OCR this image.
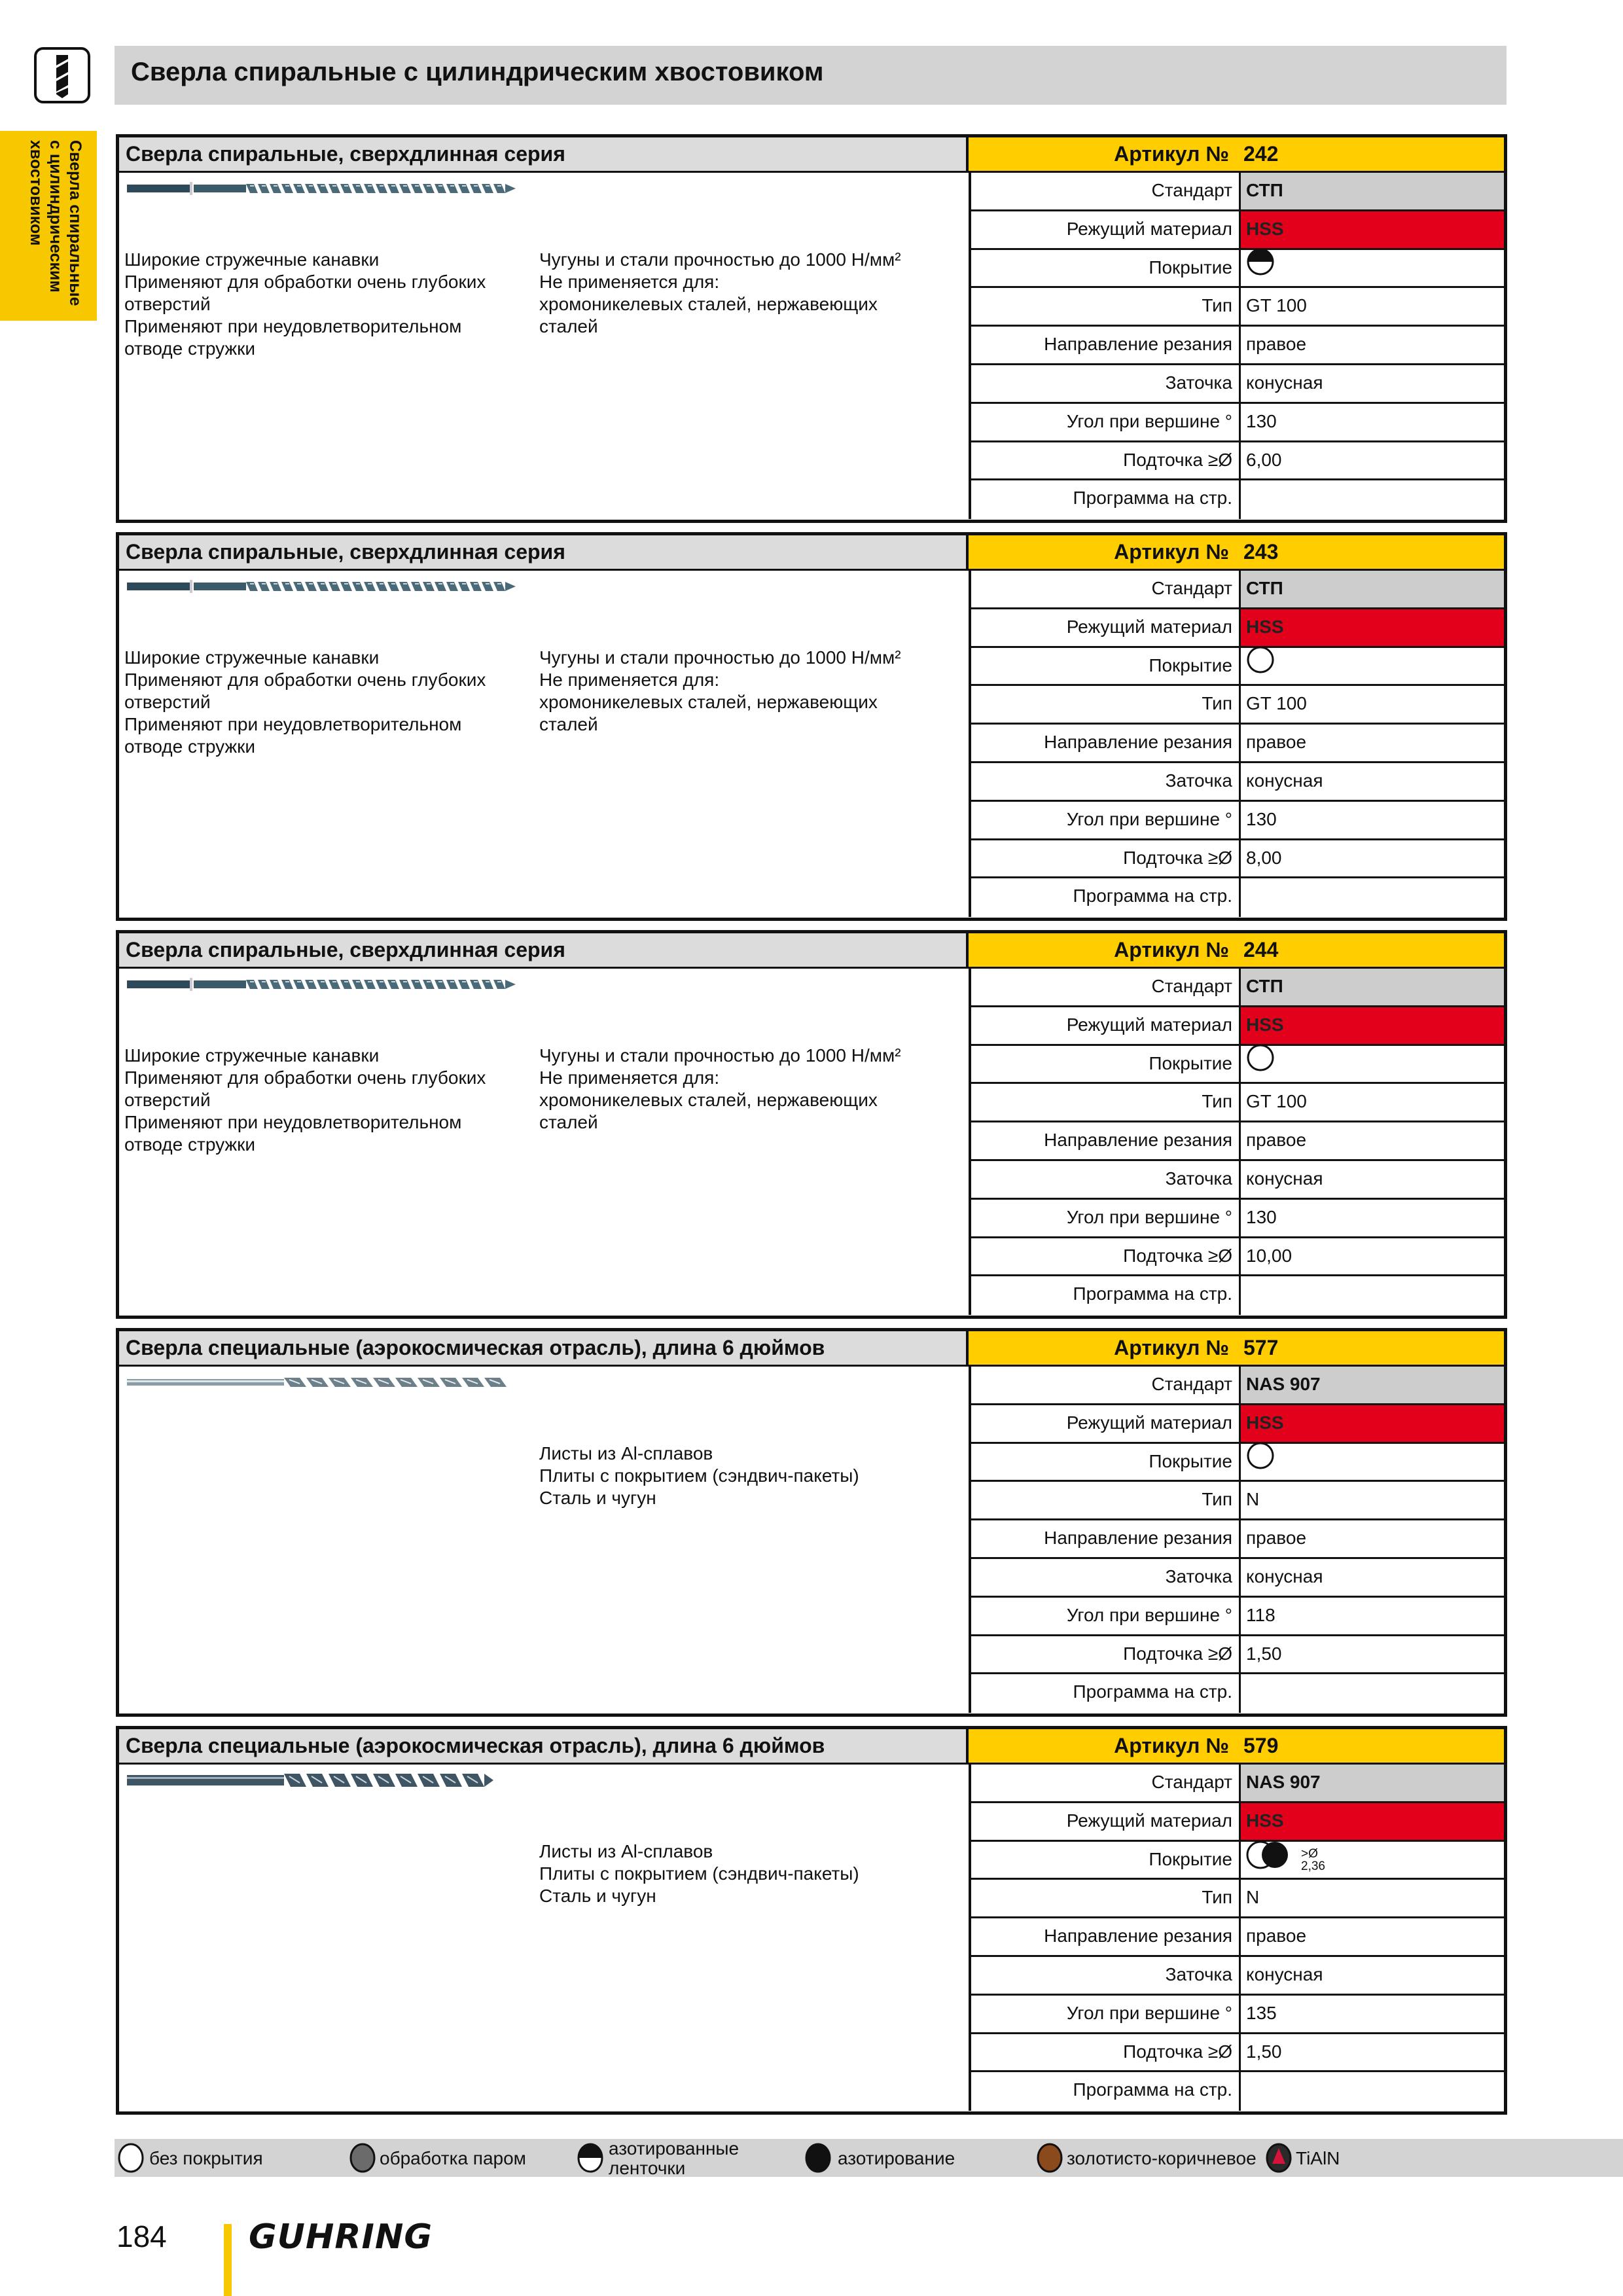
Сверла спиральные с цилиндрическим хвостовиком
Сверла спиральные
с цилиндрическим
хвостовиком	Сверла спиральные, сверхдлинная серия	Артикул № 242
Широкие стружечные канавки
Применяют для обработки очень глубоких
отверстий
Применяют при неудовлетворительном
отводе стружки
Чугуны и стали прочностью до 1000 Н/мм²
Не применяется для:
хромоникелевых сталей, нержавеющих
сталей
Стандарт СТП
Режущий материал HSS
Покрытие
Тип GT 100
Направление резания правое
Заточка конусная
Угол при вершине ° 130
Подточка ≥Ø 6,00
Программа на стр.
Сверла спиральные, сверхдлинная серия	Артикул № 243
Широкие стружечные канавки
Применяют для обработки очень глубоких
отверстий
Применяют при неудовлетворительном
отводе стружки
Чугуны и стали прочностью до 1000 Н/мм²
Не применяется для:
хромоникелевых сталей, нержавеющих
сталей
Стандарт СТП
Режущий материал HSS
Покрытие
Тип GT 100
Направление резания правое
Заточка конусная
Угол при вершине ° 130
Подточка ≥Ø 8,00
Программа на стр.
Сверла спиральные, сверхдлинная серия	Артикул № 244
Широкие стружечные канавки
Применяют для обработки очень глубоких
отверстий
Применяют при неудовлетворительном
отводе стружки
Чугуны и стали прочностью до 1000 Н/мм²
Не применяется для:
хромоникелевых сталей, нержавеющих
сталей
Стандарт СТП
Режущий материал HSS
Покрытие
Тип GT 100
Направление резания правое
Заточка конусная
Угол при вершине ° 130
Подточка ≥Ø 10,00
Программа на стр.
Сверла специальные (аэрокосмическая отрасль), длина 6 дюймов	Артикул № 577
Листы из Al-сплавов
Плиты с покрытием (сэндвич-пакеты)
Сталь и чугун
Стандарт NAS 907
Режущий материал HSS
Покрытие
Тип N
Направление резания правое
Заточка конусная
Угол при вершине ° 118
Подточка ≥Ø 1,50
Программа на стр.
Сверла специальные (аэрокосмическая отрасль), длина 6 дюймов	Артикул № 579
Листы из Al-сплавов
Плиты с покрытием (сэндвич-пакеты)
Сталь и чугун
Стандарт NAS 907
Режущий материал HSS
Покрытие	>Ø
2,36
Тип N
Направление резания правое
Заточка конусная
Угол при вершине ° 135
Подточка ≥Ø 1,50
Программа на стр.
без покрытия	обработка паром	азотированные
ленточки	азотирование	золотисто-коричневое TiAlN
184 GUHRING
